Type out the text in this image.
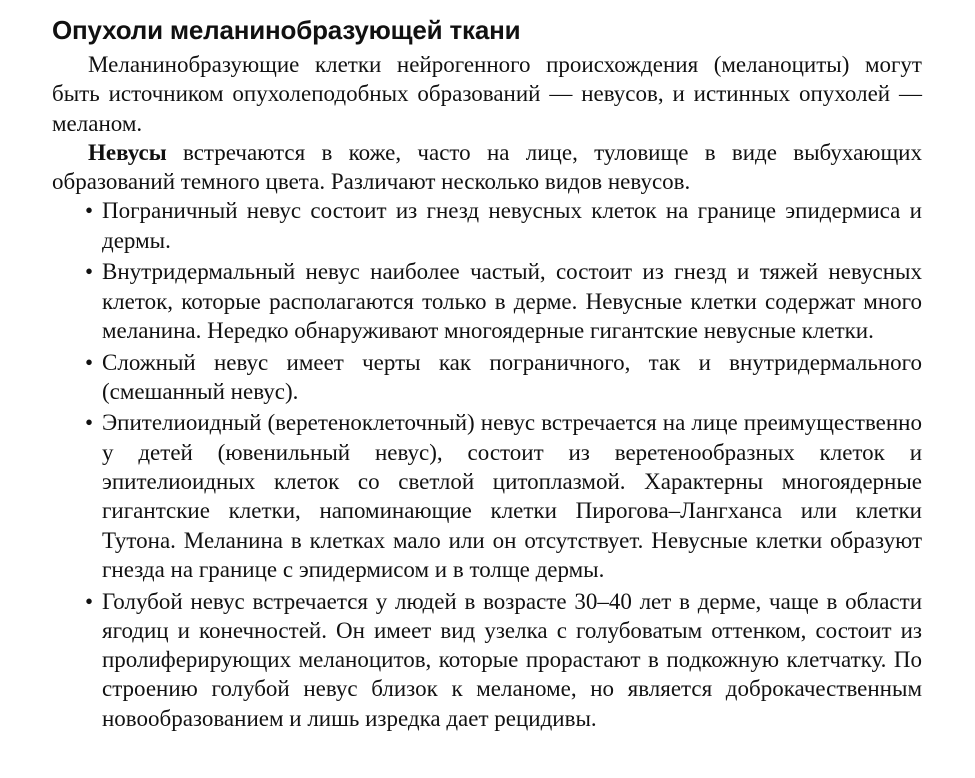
Опухоли меланинобразующей ткани

Меланинобразующие клетки нейрогенного происхождения (меланоциты) могут быть источником опухолеподобных образований — невусов, и истинных опухолей — меланом.

Невусы встречаются в коже, часто на лице, туловище в виде выбухающих образований темного цвета. Различают несколько видов невусов.

• Пограничный невус состоит из гнезд невусных клеток на границе эпидермиса и дермы.
• Внутридермальный невус наиболее частый, состоит из гнезд и тяжей невусных клеток, которые располагаются только в дерме. Невусные клетки содержат много меланина. Нередко обнаруживают многоядерные гигантские невусные клетки.
• Сложный невус имеет черты как пограничного, так и внутридермального (смешанный невус).
• Эпителиоидный (веретеноклеточный) невус встречается на лице преимущественно у детей (ювенильный невус), состоит из веретенообразных клеток и эпителиоидных клеток со светлой цитоплазмой. Характерны многоядерные гигантские клетки, напоминающие клетки Пирогова–Лангханса или клетки Тутона. Меланина в клетках мало или он отсутствует. Невусные клетки образуют гнезда на границе с эпидермисом и в толще дермы.
• Голубой невус встречается у людей в возрасте 30–40 лет в дерме, чаще в области ягодиц и конечностей. Он имеет вид узелка с голубоватым оттенком, состоит из пролиферирующих меланоцитов, которые прорастают в подкожную клетчатку. По строению голубой невус близок к меланоме, но является доброкачественным новообразованием и лишь изредка дает рецидивы.
